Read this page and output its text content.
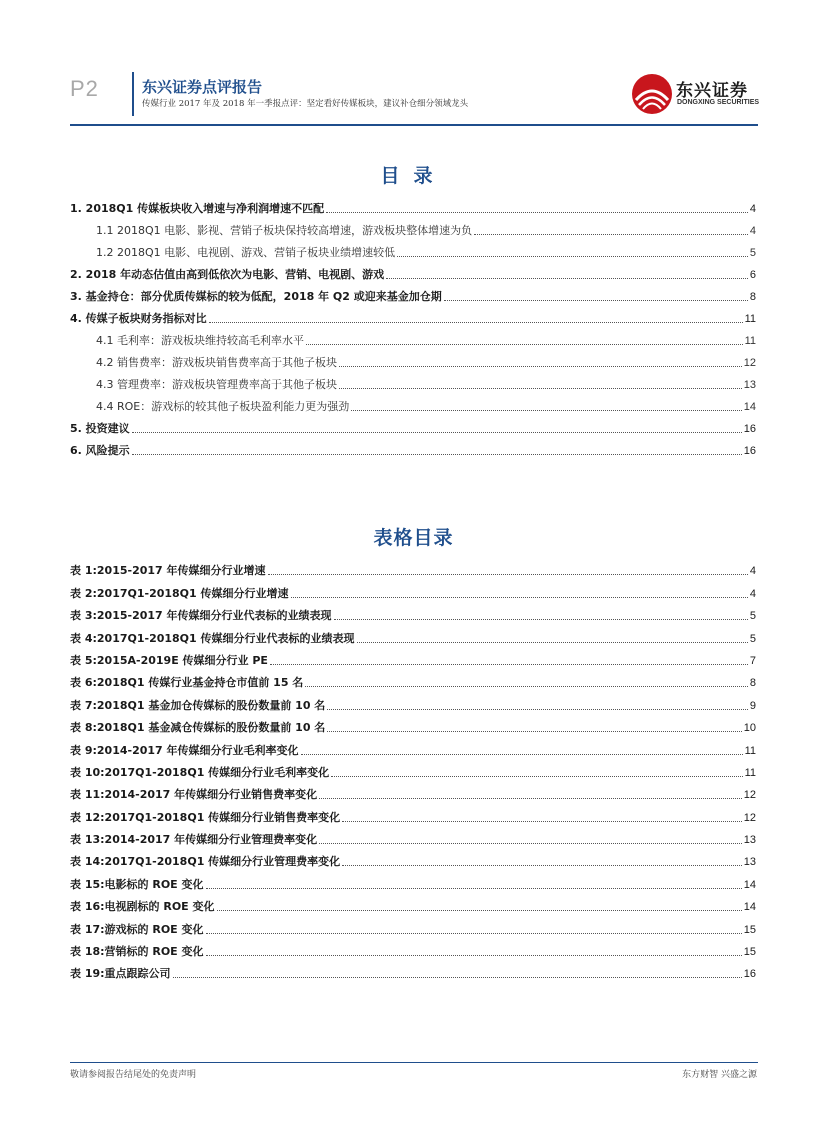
P2	东兴证券点评报告
传媒行业 2017 年及 2018 年一季报点评：坚定看好传媒板块，建议补仓细分领域龙头
东兴证券
DONGXING SECURITIES
目录
1. 2018Q1 传媒板块收入增速与净利润增速不匹配	4
1.1 2018Q1 电影、影视、营销子板块保持较高增速，游戏板块整体增速为负	4
1.2 2018Q1 电影、电视剧、游戏、营销子板块业绩增速较低	5
2. 2018 年动态估值由高到低依次为电影、营销、电视剧、游戏	6
3. 基金持仓：部分优质传媒标的较为低配，2018 年 Q2 或迎来基金加仓期	8
4. 传媒子板块财务指标对比	11
4.1 毛利率：游戏板块维持较高毛利率水平	11
4.2 销售费率：游戏板块销售费率高于其他子板块	12
4.3 管理费率：游戏板块管理费率高于其他子板块	13
4.4 ROE：游戏标的较其他子板块盈利能力更为强劲	14
5. 投资建议	16
6. 风险提示	16
表格目录
表 1:2015-2017 年传媒细分行业增速	4
表 2:2017Q1-2018Q1 传媒细分行业增速	4
表 3:2015-2017 年传媒细分行业代表标的业绩表现	5
表 4:2017Q1-2018Q1 传媒细分行业代表标的业绩表现	5
表 5:2015A-2019E 传媒细分行业 PE	7
表 6:2018Q1 传媒行业基金持仓市值前 15 名	8
表 7:2018Q1 基金加仓传媒标的股份数量前 10 名	9
表 8:2018Q1 基金减仓传媒标的股份数量前 10 名	10
表 9:2014-2017 年传媒细分行业毛利率变化	11
表 10:2017Q1-2018Q1 传媒细分行业毛利率变化	11
表 11:2014-2017 年传媒细分行业销售费率变化	12
表 12:2017Q1-2018Q1 传媒细分行业销售费率变化	12
表 13:2014-2017 年传媒细分行业管理费率变化	13
表 14:2017Q1-2018Q1 传媒细分行业管理费率变化	13
表 15:电影标的 ROE 变化	14
表 16:电视剧标的 ROE 变化	14
表 17:游戏标的 ROE 变化	15
表 18:营销标的 ROE 变化	15
表 19:重点跟踪公司	16
敬请参阅报告结尾处的免责声明	东方财智 兴盛之源
